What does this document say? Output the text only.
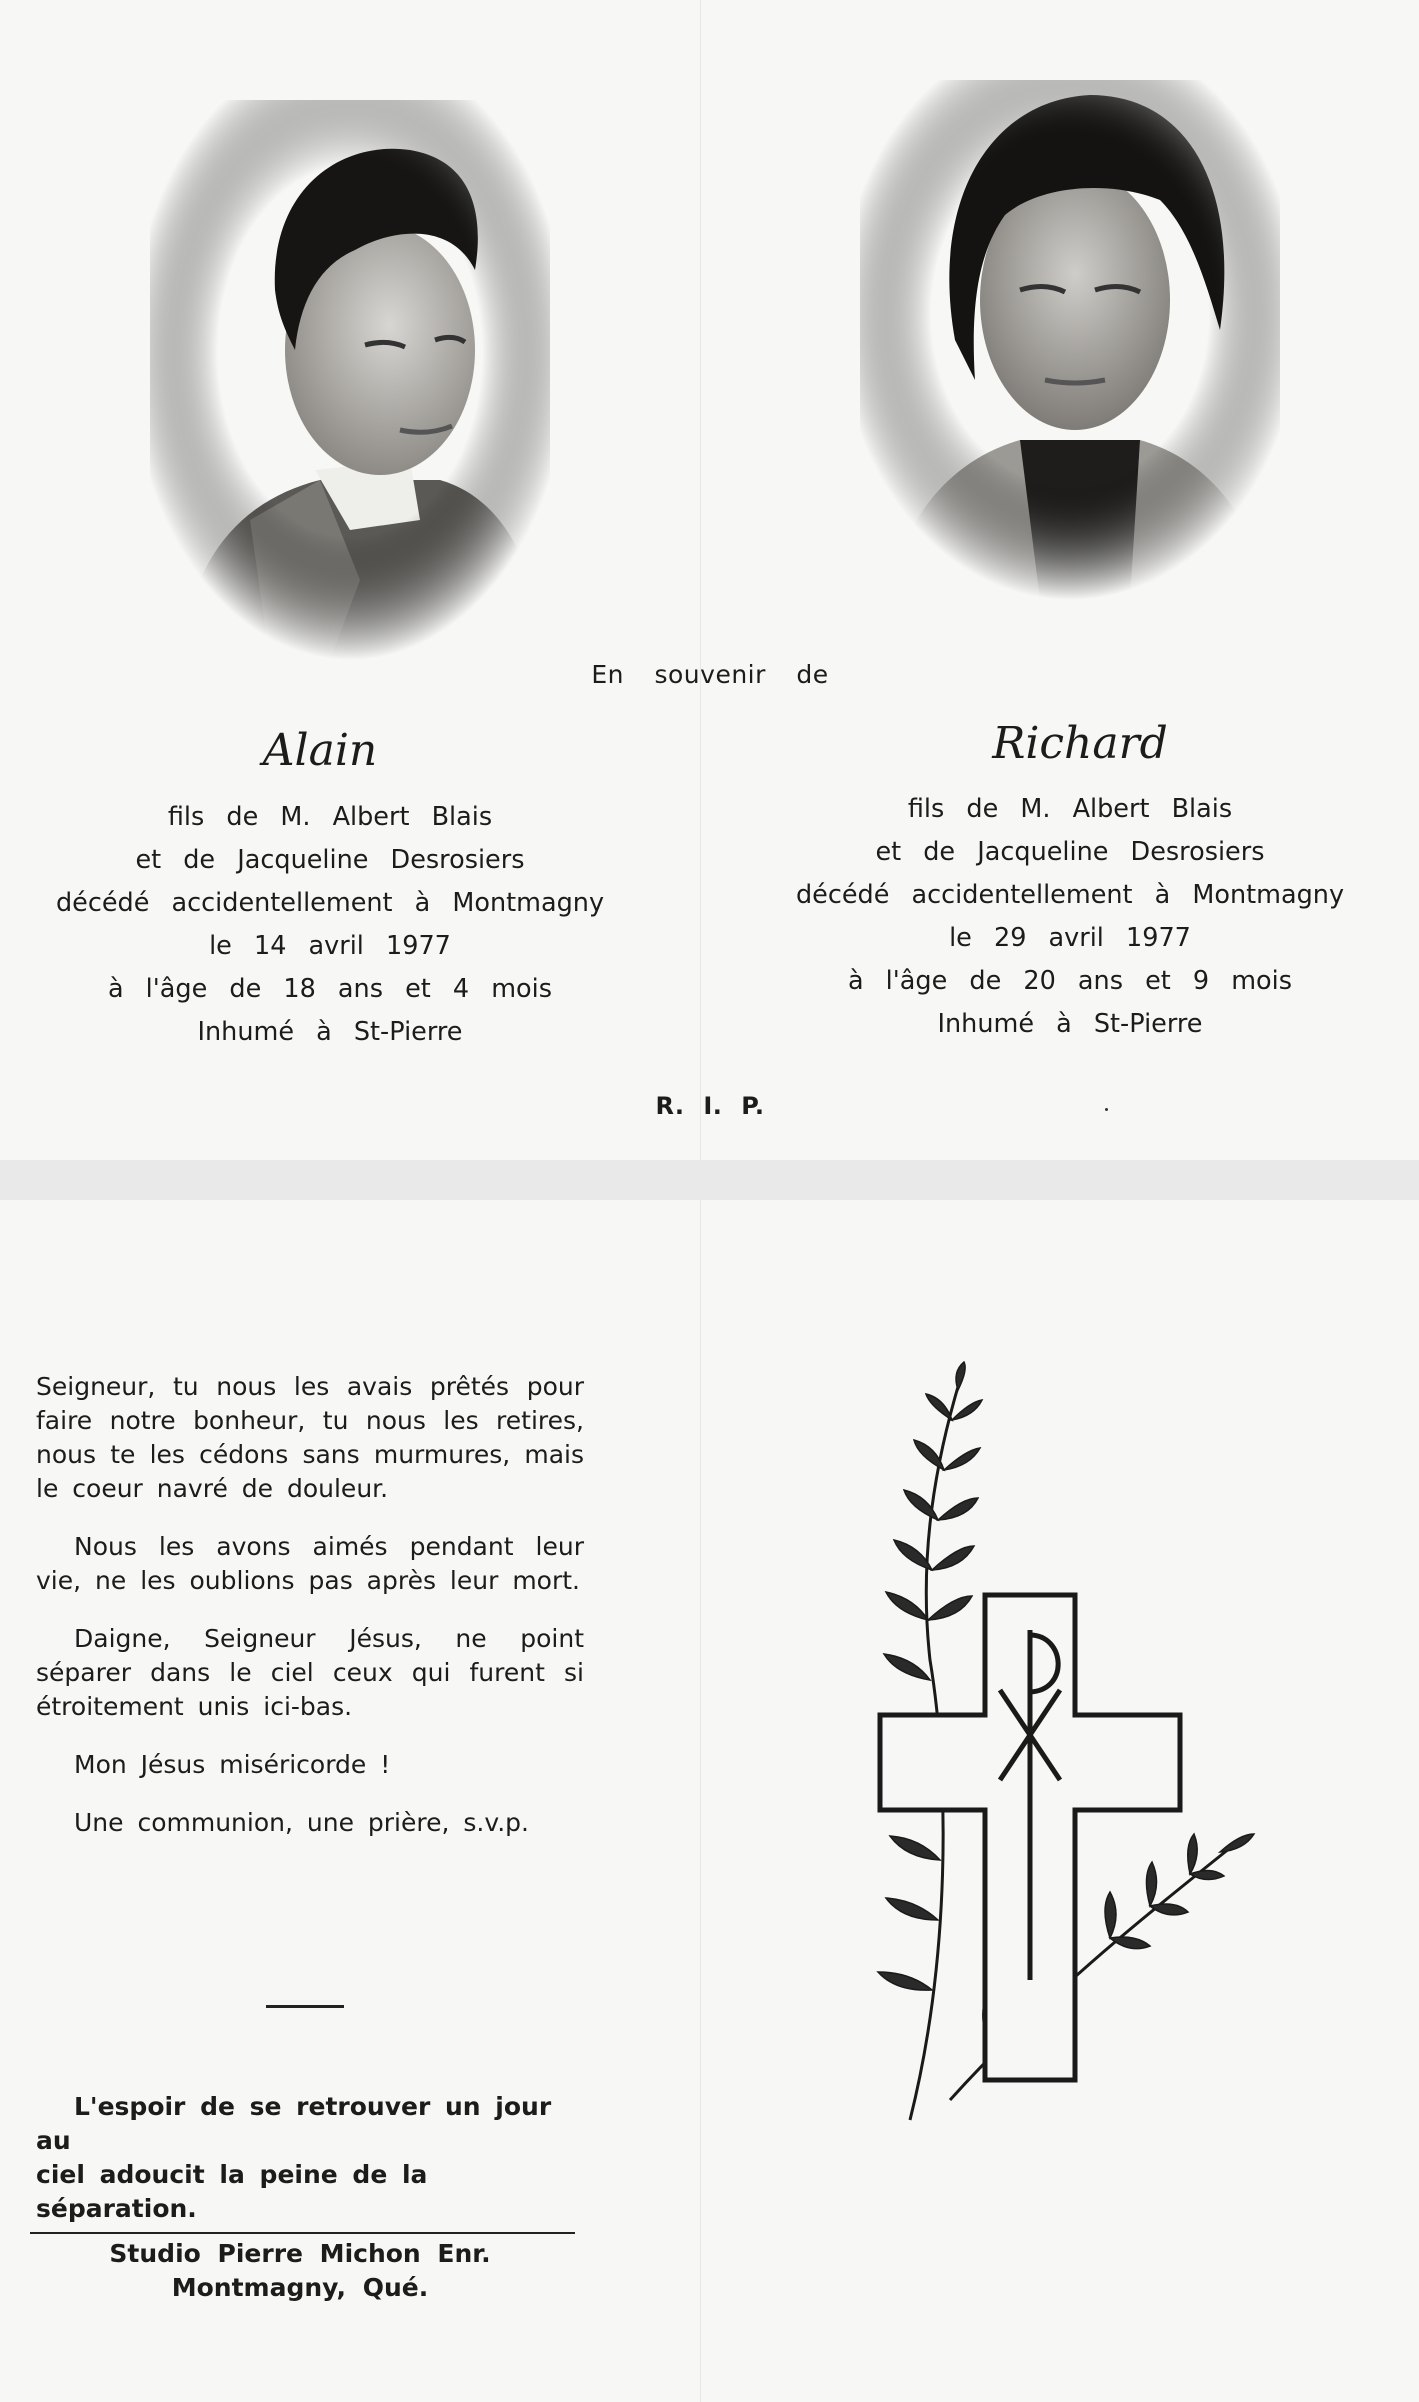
En souvenir de
Alain
fils de M. Albert Blais
et de Jacqueline Desrosiers
décédé accidentellement à Montmagny
le 14 avril 1977
à l'âge de 18 ans et 4 mois
Inhumé à St-Pierre
Richard
fils de M. Albert Blais
et de Jacqueline Desrosiers
décédé accidentellement à Montmagny
le 29 avril 1977
à l'âge de 20 ans et 9 mois
Inhumé à St-Pierre
R. I. P.

Seigneur, tu nous les avais prêtés pour faire notre bonheur, tu nous les retires, nous te les cédons sans murmures, mais le coeur navré de douleur.

Nous les avons aimés pendant leur vie, ne les oublions pas après leur mort.

Daigne, Seigneur Jésus, ne point séparer dans le ciel ceux qui furent si étroitement unis ici-bas.

Mon Jésus miséricorde !

Une communion, une prière, s.v.p.

L'espoir de se retrouver un jour au
ciel adoucit la peine de la séparation.
Studio Pierre Michon Enr.
Montmagny, Qué.
